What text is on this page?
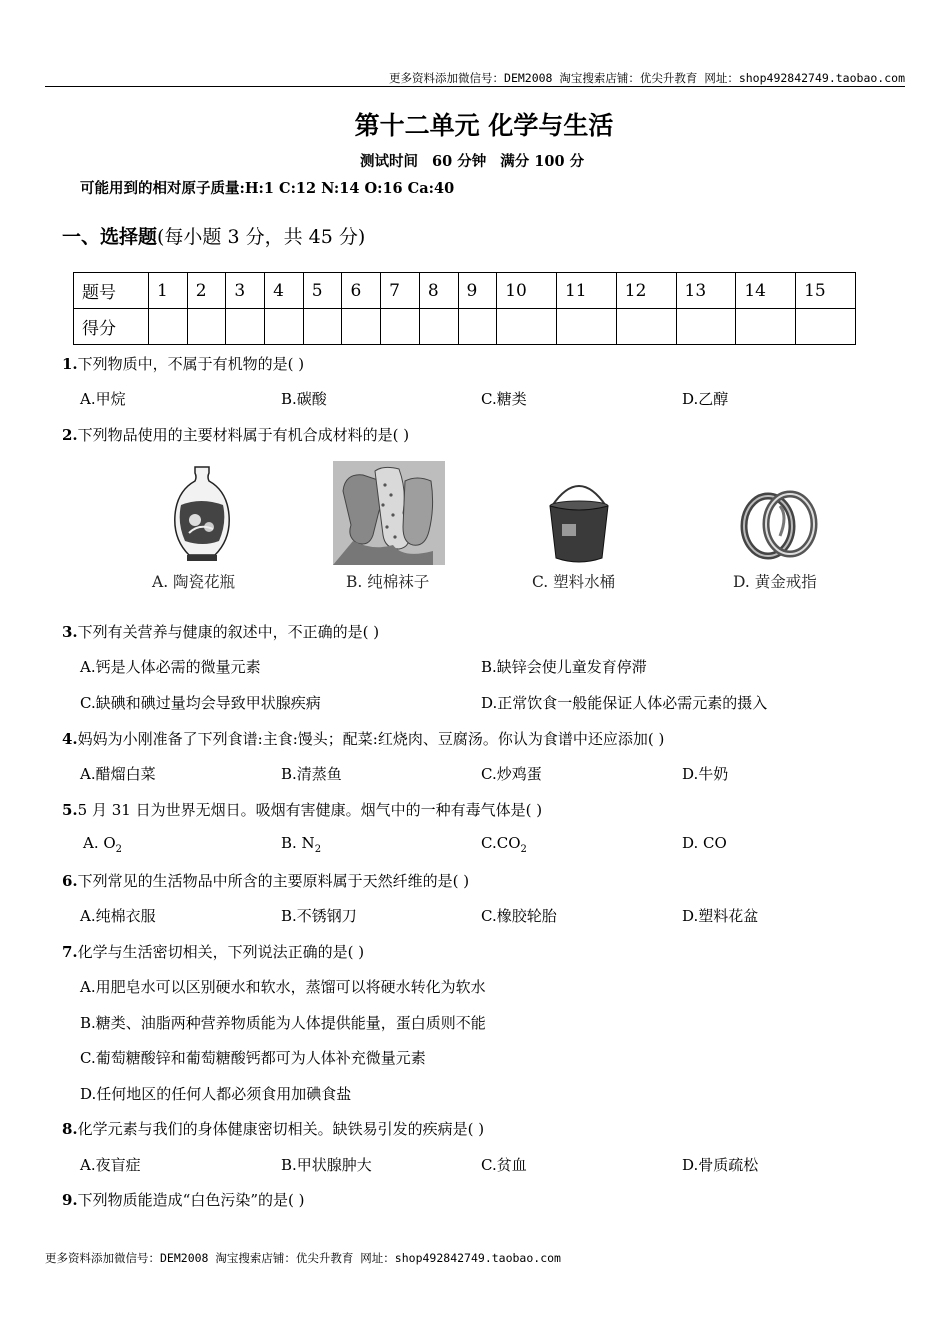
更多资料添加微信号：DEM2008 淘宝搜索店铺：优尖升教育 网址：shop492842749.taobao.com
第十二单元 化学与生活
测试时间 60 分钟 满分 100 分
可能用到的相对原子质量:H:1 C:12 N:14 O:16 Ca:40
一、选择题(每小题 3 分，共 45 分)
题号	1	2	3	4	5	6	7	8	9	10	11	12	13	14	15
得分															
1.下列物质中，不属于有机物的是( )
A.甲烷	B.碳酸	C.糖类	D.乙醇
2.下列物品使用的主要材料属于有机合成材料的是( )
A. 陶瓷花瓶	B. 纯棉袜子	C. 塑料水桶	D. 黄金戒指
3.下列有关营养与健康的叙述中，不正确的是( )
A.钙是人体必需的微量元素	B.缺锌会使儿童发育停滞
C.缺碘和碘过量均会导致甲状腺疾病	D.正常饮食一般能保证人体必需元素的摄入
4.妈妈为小刚准备了下列食谱:主食:馒头；配菜:红烧肉、豆腐汤。你认为食谱中还应添加( )
A.醋熘白菜	B.清蒸鱼	C.炒鸡蛋	D.牛奶
5.5 月 31 日为世界无烟日。吸烟有害健康。烟气中的一种有毒气体是( )
A. $O_2$	B. $N_2$	$C.CO_2$	D. CO
6.下列常见的生活物品中所含的主要原料属于天然纤维的是( )
A.纯棉衣服	B.不锈钢刀	C.橡胶轮胎	D.塑料花盆
7.化学与生活密切相关，下列说法正确的是( )
A.用肥皂水可以区别硬水和软水，蒸馏可以将硬水转化为软水
B.糖类、油脂两种营养物质能为人体提供能量，蛋白质则不能
C.葡萄糖酸锌和葡萄糖酸钙都可为人体补充微量元素
D.任何地区的任何人都必须食用加碘食盐
8.化学元素与我们的身体健康密切相关。缺铁易引发的疾病是( )
A.夜盲症	B.甲状腺肿大	C.贫血	D.骨质疏松
9.下列物质能造成“白色污染”的是( )
更多资料添加微信号：DEM2008 淘宝搜索店铺：优尖升教育 网址：shop492842749.taobao.com
